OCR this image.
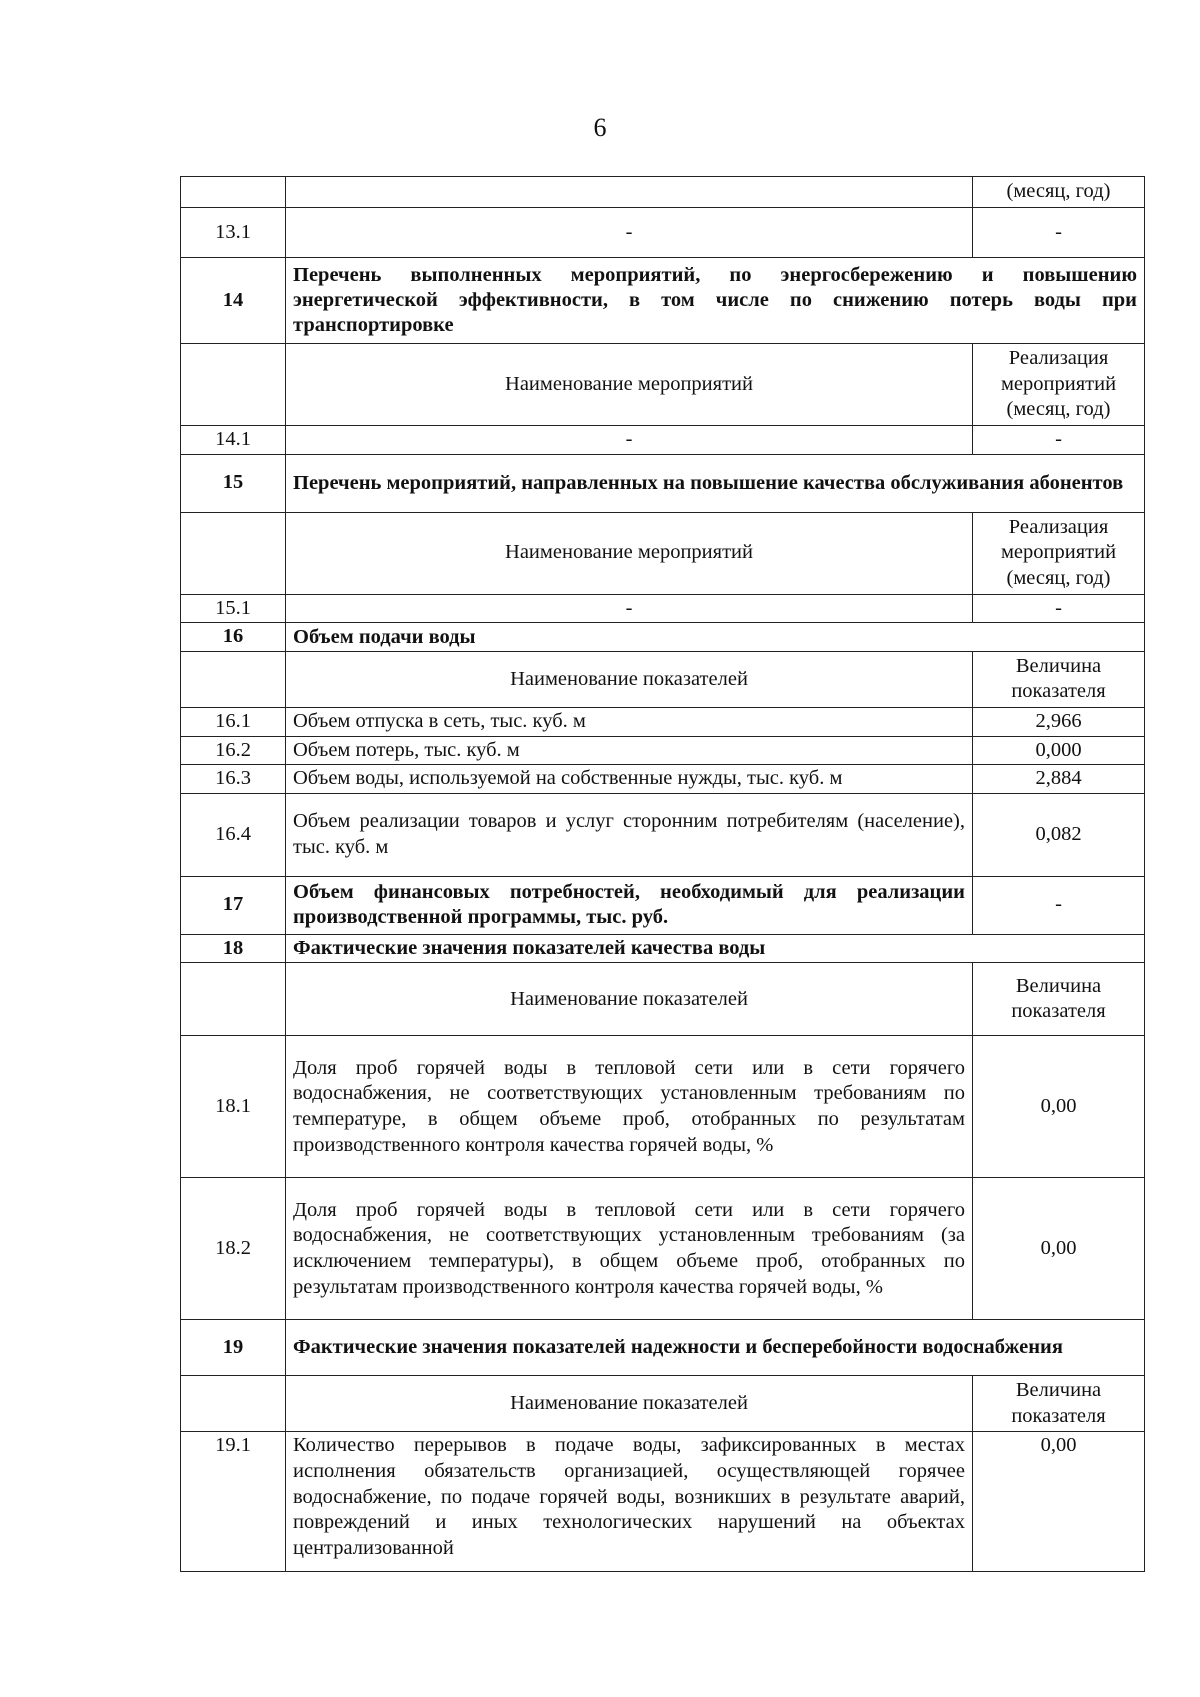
6
		(месяц, год)
13.1	-	-
14	Перечень выполненных мероприятий, по энергосбережению и повышению энергетической эффективности, в том числе по снижению потерь воды при транспортировке	
	Наименование мероприятий	Реализация мероприятий (месяц, год)
14.1	-	-
15	Перечень мероприятий, направленных на повышение качества обслуживания абонентов	
	Наименование мероприятий	Реализация мероприятий (месяц, год)
15.1	-	-
16	Объем подачи воды	
	Наименование показателей	Величина показателя
16.1	Объем отпуска в сеть, тыс. куб. м	2,966
16.2	Объем потерь, тыс. куб. м	0,000
16.3	Объем воды, используемой на собственные нужды, тыс. куб. м	2,884
16.4	Объем реализации товаров и услуг сторонним потребителям (население), тыс. куб. м	0,082
17	Объем финансовых потребностей, необходимый для реализации производственной программы, тыс. руб.	-
18	Фактические значения показателей качества воды	
	Наименование показателей	Величина показателя
18.1	Доля проб горячей воды в тепловой сети или в сети горячего водоснабжения, не соответствующих установленным требованиям по температуре, в общем объеме проб, отобранных по результатам производственного контроля качества горячей воды, %	0,00
18.2	Доля проб горячей воды в тепловой сети или в сети горячего водоснабжения, не соответствующих установленным требованиям (за исключением температуры), в общем объеме проб, отобранных по результатам производственного контроля качества горячей воды, %	0,00
19	Фактические значения показателей надежности и бесперебойности водоснабжения	
	Наименование показателей	Величина показателя
19.1	Количество перерывов в подаче воды, зафиксированных в местах исполнения обязательств организацией, осуществляющей горячее водоснабжение, по подаче горячей воды, возникших в результате аварий, повреждений и иных технологических нарушений на объектах централизованной	0,00
